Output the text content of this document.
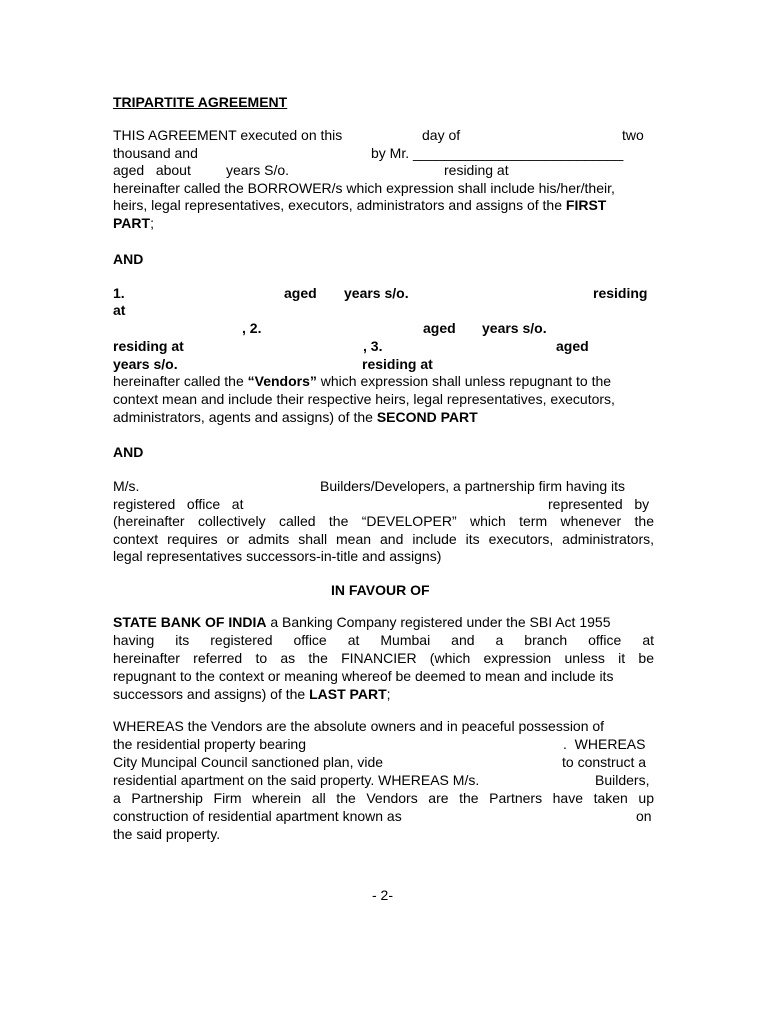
TRIPARTITE AGREEMENT
THIS AGREEMENT executed on this	day of	two
thousand and	by Mr. ___________________________
aged   about	years S/o.	residing at
hereinafter called the BORROWER/s which expression shall include his/her/their,
heirs, legal representatives, executors, administrators and assigns of the FIRST
PART;
AND
1.	aged years s/o.	residing
at
, 2.	aged years s/o.
residing at	, 3.	aged
years s/o.	residing at
hereinafter called the “Vendors” which expression shall unless repugnant to the
context mean and include their respective heirs, legal representatives, executors,
administrators, agents and assigns) of the SECOND PART
AND
M/s.	Builders/Developers, a partnership firm having its
registered   office   at	represented   by
(hereinafter collectively called the “DEVELOPER” which term whenever the
context requires or admits shall mean and include its executors, administrators,
legal representatives successors-in-title and assigns)
IN FAVOUR OF
STATE BANK OF INDIA a Banking Company registered under the SBI Act 1955
having its registered office at Mumbai and a branch office at
hereinafter referred to as the FINANCIER (which expression unless it be
repugnant to the context or meaning whereof be deemed to mean and include its
successors and assigns) of the LAST PART;
WHEREAS the Vendors are the absolute owners and in peaceful possession of
the residential property bearing	.  WHEREAS
City Muncipal Council sanctioned plan, vide	to construct a
residential apartment on the said property. WHEREAS M/s.	Builders,
a Partnership Firm wherein all the Vendors are the Partners have taken up
construction of residential apartment known as	on
the said property.
- 2-
